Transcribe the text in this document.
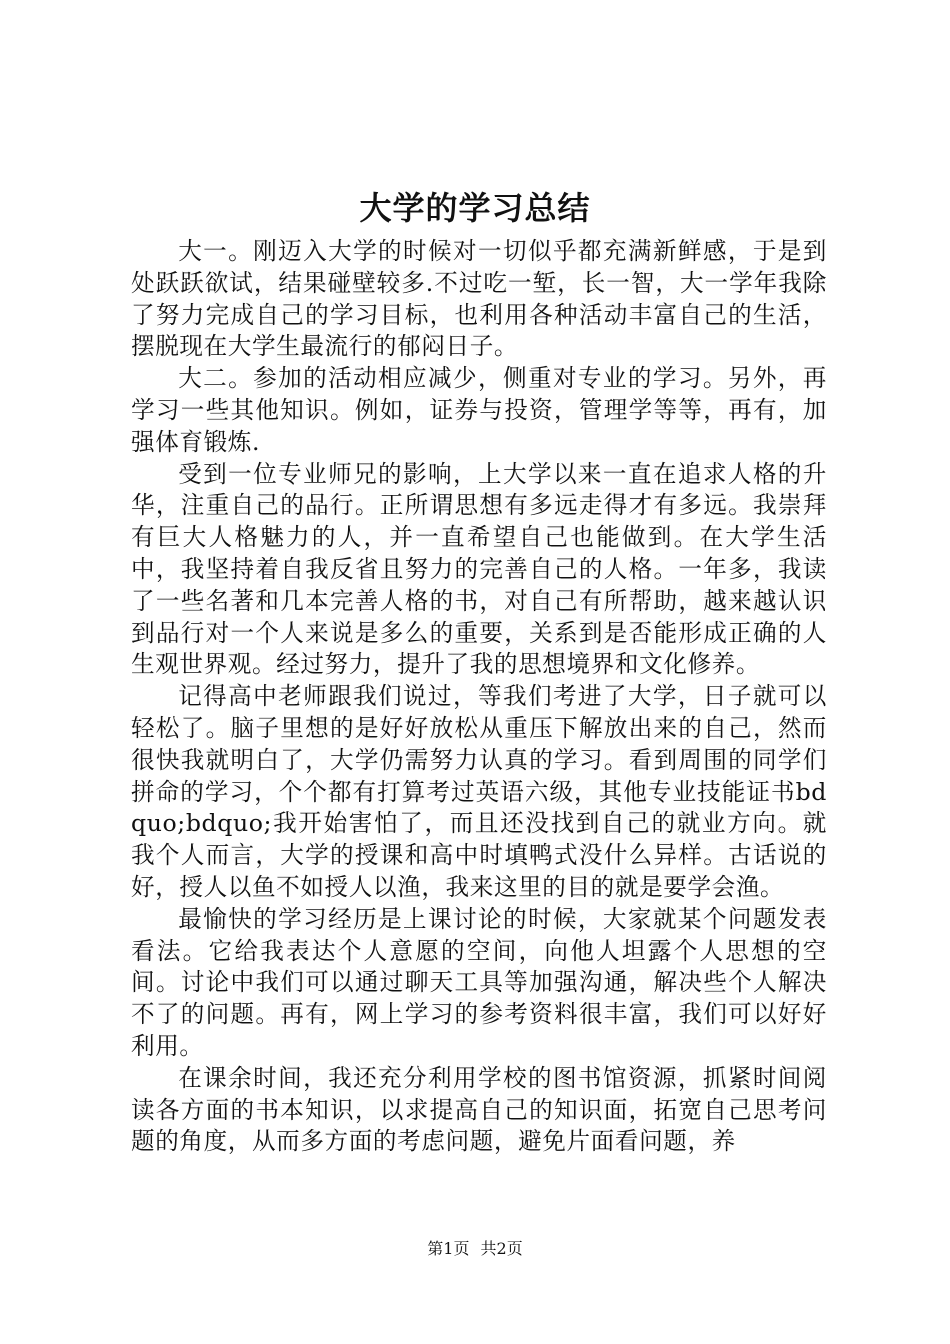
大学的学习总结

大一。刚迈入大学的时候对一切似乎都充满新鲜感，于是到处跃跃欲试，结果碰壁较多.不过吃一堑，长一智，大一学年我除了努力完成自己的学习目标，也利用各种活动丰富自己的生活，摆脱现在大学生最流行的郁闷日子。

大二。参加的活动相应减少，侧重对专业的学习。另外，再学习一些其他知识。例如，证券与投资，管理学等等，再有，加强体育锻炼.

受到一位专业师兄的影响，上大学以来一直在追求人格的升华，注重自己的品行。正所谓思想有多远走得才有多远。我崇拜有巨大人格魅力的人，并一直希望自己也能做到。在大学生活中，我坚持着自我反省且努力的完善自己的人格。一年多，我读了一些名著和几本完善人格的书，对自己有所帮助，越来越认识到品行对一个人来说是多么的重要，关系到是否能形成正确的人生观世界观。经过努力，提升了我的思想境界和文化修养。

记得高中老师跟我们说过，等我们考进了大学，日子就可以轻松了。脑子里想的是好好放松从重压下解放出来的自己，然而很快我就明白了，大学仍需努力认真的学习。看到周围的同学们拼命的学习，个个都有打算考过英语六级，其他专业技能证书bdquo;bdquo;我开始害怕了，而且还没找到自己的就业方向。就我个人而言，大学的授课和高中时填鸭式没什么异样。古话说的好，授人以鱼不如授人以渔，我来这里的目的就是要学会渔。

最愉快的学习经历是上课讨论的时候，大家就某个问题发表看法。它给我表达个人意愿的空间，向他人坦露个人思想的空间。讨论中我们可以通过聊天工具等加强沟通，解决些个人解决不了的问题。再有，网上学习的参考资料很丰富，我们可以好好利用。

在课余时间，我还充分利用学校的图书馆资源，抓紧时间阅读各方面的书本知识，以求提高自己的知识面，拓宽自己思考问题的角度，从而多方面的考虑问题，避免片面看问题，养

第1页 共2页
